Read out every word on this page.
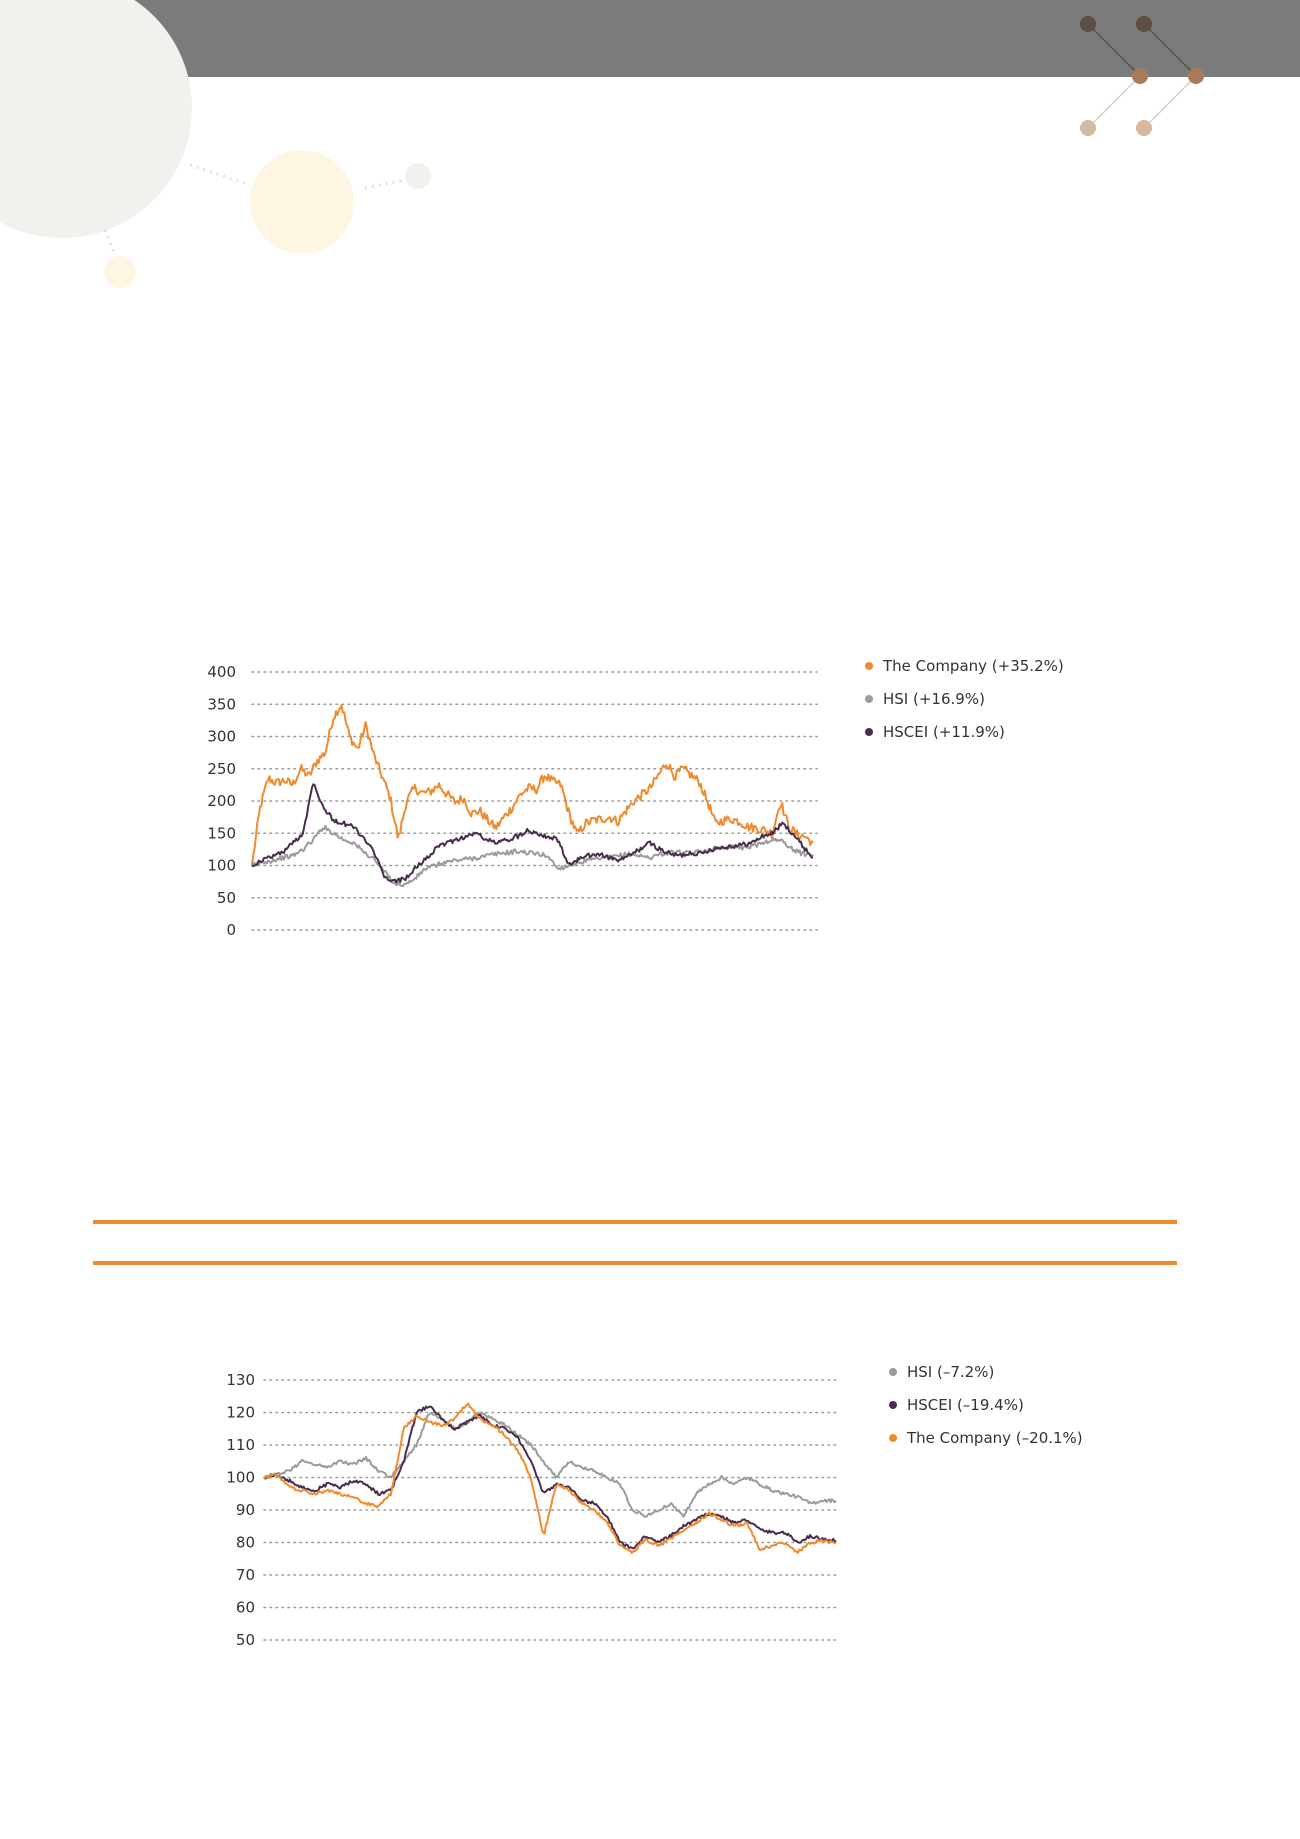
0
50
100
150
200
250
300
350
400	The Company (+35.2%)
HSI (+16.9%)
HSCEI (+11.9%)
50
60
70
80
90
100
110
120
130	HSI (–7.2%)
HSCEI (–19.4%)
The Company (–20.1%)
